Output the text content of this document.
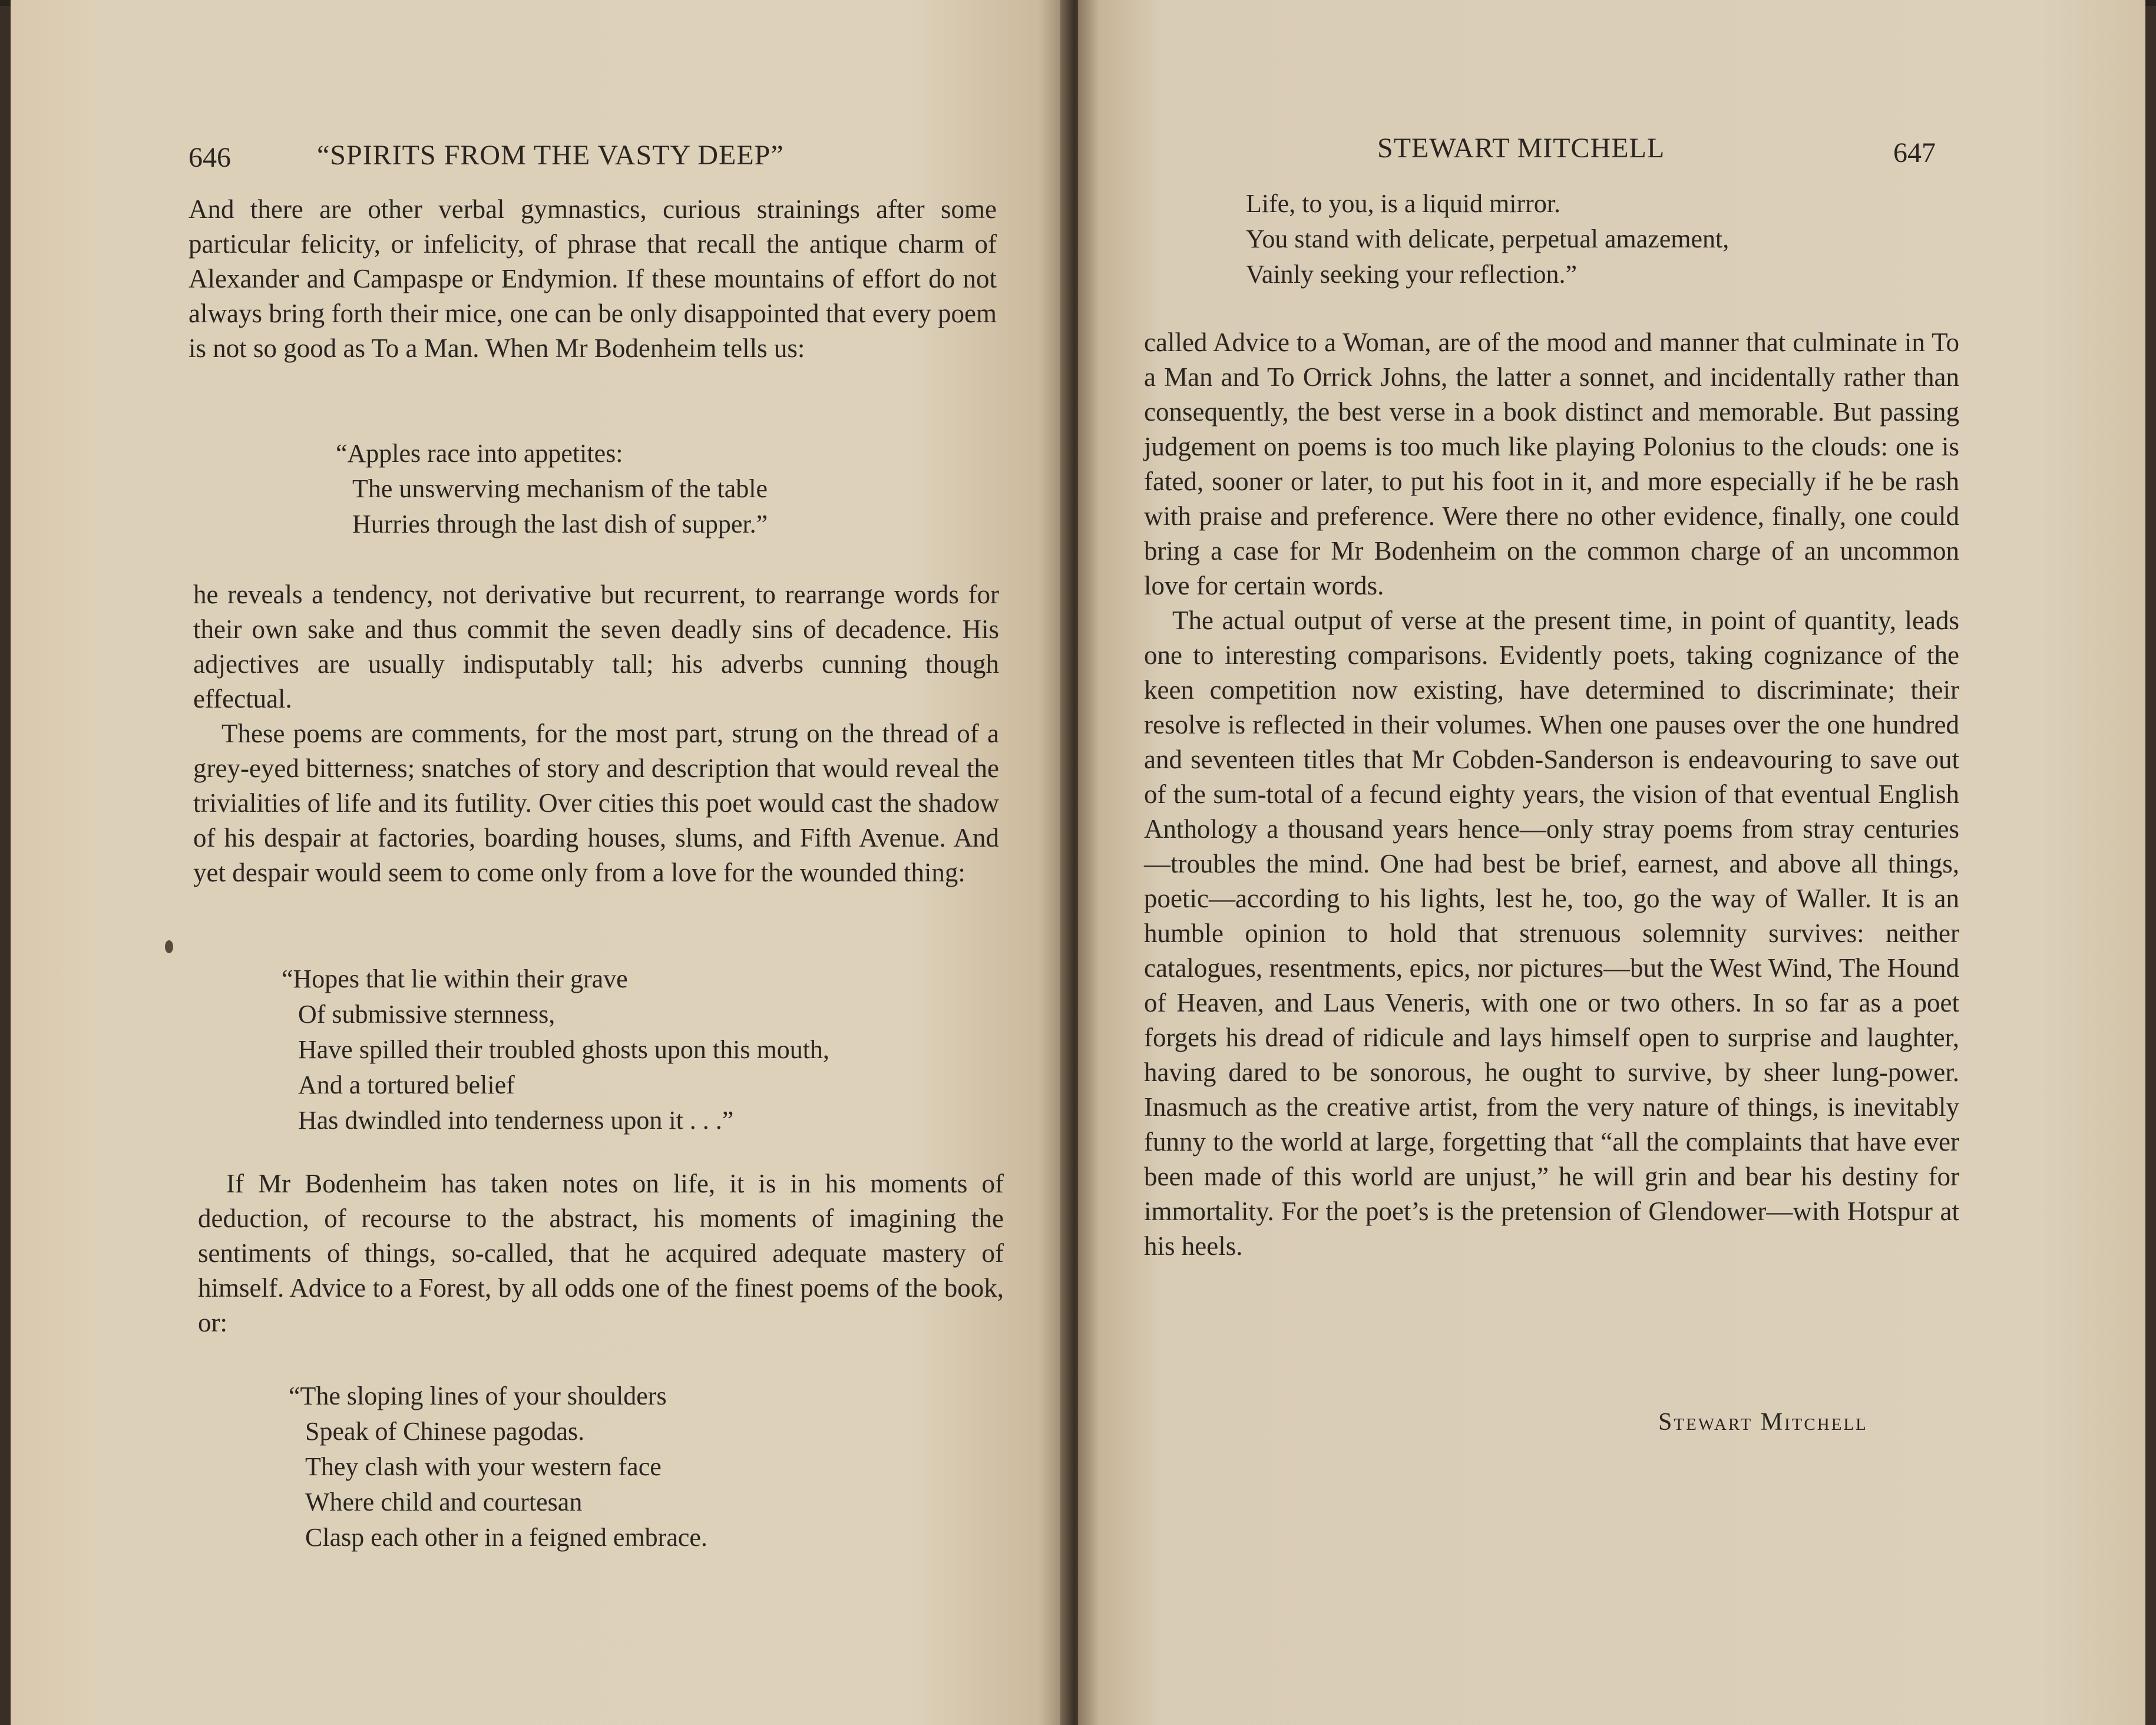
646	“SPIRITS FROM THE VASTY DEEP”

And there are other verbal gymnastics, curious strainings after some particular felicity, or infelicity, of phrase that recall the antique charm of Alexander and Campaspe or Endymion. If these mountains of effort do not always bring forth their mice, one can be only disappointed that every poem is not so good as To a Man. When Mr Bodenheim tells us:

“Apples race into appetites:
The unswerving mechanism of the table
Hurries through the last dish of supper.”

he reveals a tendency, not derivative but recurrent, to rearrange words for their own sake and thus commit the seven deadly sins of decadence. His adjectives are usually indisputably tall; his adverbs cunning though effectual.

These poems are comments, for the most part, strung on the thread of a grey-eyed bitterness; snatches of story and description that would reveal the trivialities of life and its futility. Over cities this poet would cast the shadow of his despair at factories, boarding houses, slums, and Fifth Avenue. And yet despair would seem to come only from a love for the wounded thing:

“Hopes that lie within their grave
Of submissive sternness,
Have spilled their troubled ghosts upon this mouth,
And a tortured belief
Has dwindled into tenderness upon it . . .”

If Mr Bodenheim has taken notes on life, it is in his moments of deduction, of recourse to the abstract, his moments of imagining the sentiments of things, so-called, that he acquired adequate mastery of himself. Advice to a Forest, by all odds one of the finest poems of the book, or:

“The sloping lines of your shoulders
Speak of Chinese pagodas.
They clash with your western face
Where child and courtesan
Clasp each other in a feigned embrace.
STEWART MITCHELL	647
Life, to you, is a liquid mirror.
You stand with delicate, perpetual amazement,
Vainly seeking your reflection.”

called Advice to a Woman, are of the mood and manner that culminate in To a Man and To Orrick Johns, the latter a sonnet, and incidentally rather than consequently, the best verse in a book distinct and memorable. But passing judgement on poems is too much like playing Polonius to the clouds: one is fated, sooner or later, to put his foot in it, and more especially if he be rash with praise and preference. Were there no other evidence, finally, one could bring a case for Mr Bodenheim on the common charge of an uncommon love for certain words.

The actual output of verse at the present time, in point of quantity, leads one to interesting comparisons. Evidently poets, taking cognizance of the keen competition now existing, have determined to discriminate; their resolve is reflected in their volumes. When one pauses over the one hundred and seventeen titles that Mr Cobden-Sanderson is endeavouring to save out of the sum-total of a fecund eighty years, the vision of that eventual English Anthology a thousand years hence—only stray poems from stray centuries—troubles the mind. One had best be brief, earnest, and above all things, poetic—according to his lights, lest he, too, go the way of Waller. It is an humble opinion to hold that strenuous solemnity survives: neither catalogues, resentments, epics, nor pictures—but the West Wind, The Hound of Heaven, and Laus Veneris, with one or two others. In so far as a poet forgets his dread of ridicule and lays himself open to surprise and laughter, having dared to be sonorous, he ought to survive, by sheer lung-power. Inasmuch as the creative artist, from the very nature of things, is inevitably funny to the world at large, forgetting that “all the complaints that have ever been made of this world are unjust,” he will grin and bear his destiny for immortality. For the poet’s is the pretension of Glendower—with Hotspur at his heels.

Stewart Mitchell
